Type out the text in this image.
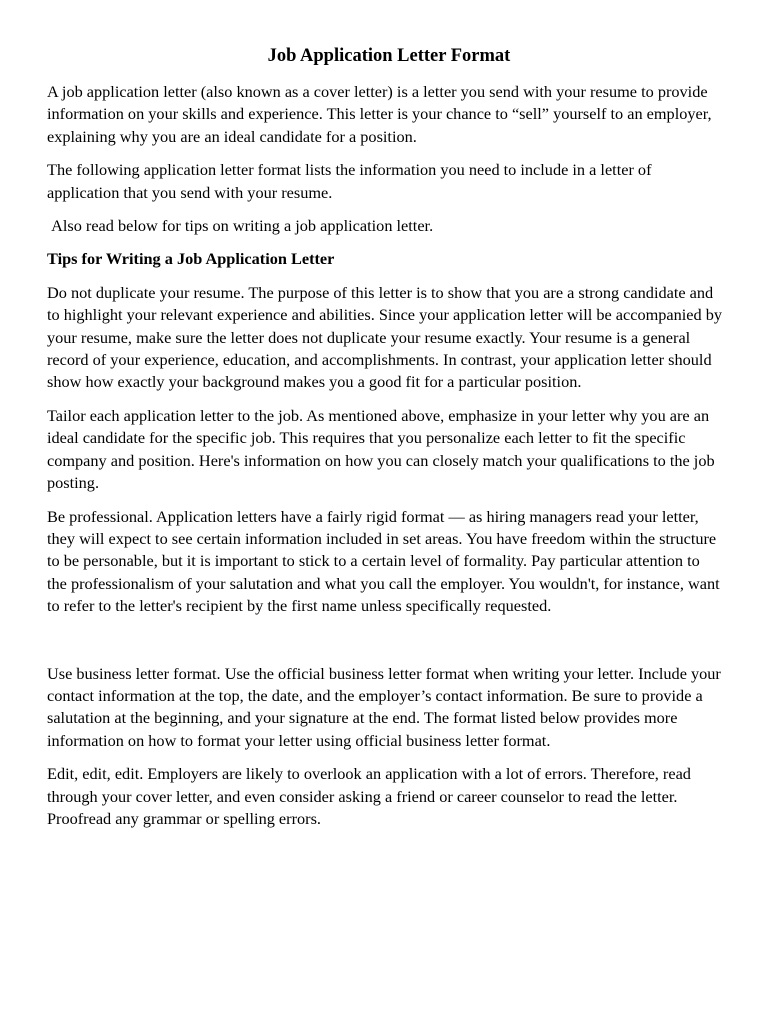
Job Application Letter Format

A job application letter (also known as a cover letter) is a letter you send with your resume to provide information on your skills and experience. This letter is your chance to “sell” yourself to an employer, explaining why you are an ideal candidate for a position.

The following application letter format lists the information you need to include in a letter of application that you send with your resume.

Also read below for tips on writing a job application letter.

Tips for Writing a Job Application Letter

Do not duplicate your resume. The purpose of this letter is to show that you are a strong candidate and to highlight your relevant experience and abilities. Since your application letter will be accompanied by your resume, make sure the letter does not duplicate your resume exactly. Your resume is a general record of your experience, education, and accomplishments. In contrast, your application letter should show how exactly your background makes you a good fit for a particular position.

Tailor each application letter to the job. As mentioned above, emphasize in your letter why you are an ideal candidate for the specific job. This requires that you personalize each letter to fit the specific company and position. Here's information on how you can closely match your qualifications to the job posting.

Be professional. Application letters have a fairly rigid format — as hiring managers read your letter, they will expect to see certain information included in set areas. You have freedom within the structure to be personable, but it is important to stick to a certain level of formality. Pay particular attention to the professionalism of your salutation and what you call the employer. You wouldn't, for instance, want to refer to the letter's recipient by the first name unless specifically requested.

Use business letter format. Use the official business letter format when writing your letter. Include your contact information at the top, the date, and the employer’s contact information. Be sure to provide a salutation at the beginning, and your signature at the end. The format listed below provides more information on how to format your letter using official business letter format.

Edit, edit, edit. Employers are likely to overlook an application with a lot of errors. Therefore, read through your cover letter, and even consider asking a friend or career counselor to read the letter. Proofread any grammar or spelling errors.
